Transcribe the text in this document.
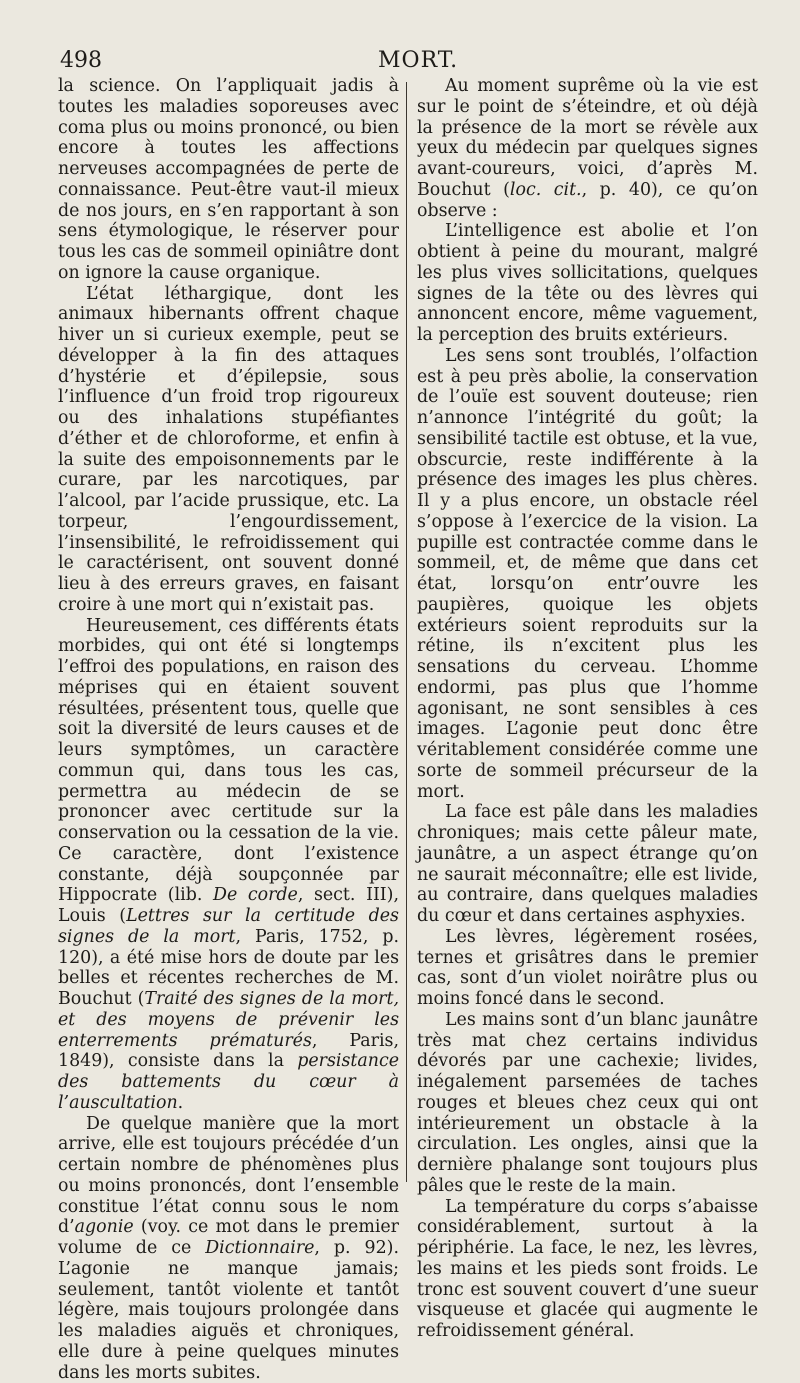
498	MORT.

la science. On l’appliquait jadis à toutes les maladies soporeuses avec coma plus ou moins prononcé, ou bien encore à toutes les affections nerveuses accompagnées de perte de connaissance. Peut-être vaut-il mieux de nos jours, en s’en rapportant à son sens étymologique, le réserver pour tous les cas de sommeil opiniâtre dont on ignore la cause organique.

L’état léthargique, dont les animaux hibernants offrent chaque hiver un si curieux exemple, peut se développer à la fin des attaques d’hystérie et d’épilepsie, sous l’influence d’un froid trop rigoureux ou des inhalations stupéfiantes d’éther et de chloroforme, et enfin à la suite des empoisonnements par le curare, par les narcotiques, par l’alcool, par l’acide prussique, etc. La torpeur, l’engourdissement, l’insensibilité, le refroidissement qui le caractérisent, ont souvent donné lieu à des erreurs graves, en faisant croire à une mort qui n’existait pas.

Heureusement, ces différents états morbides, qui ont été si longtemps l’effroi des populations, en raison des méprises qui en étaient souvent résultées, présentent tous, quelle que soit la diversité de leurs causes et de leurs symptômes, un caractère commun qui, dans tous les cas, permettra au médecin de se prononcer avec certitude sur la conservation ou la cessation de la vie. Ce caractère, dont l’existence constante, déjà soupçonnée par Hippocrate (lib. De corde, sect. III), Louis (Lettres sur la certitude des signes de la mort, Paris, 1752, p. 120), a été mise hors de doute par les belles et récentes recherches de M. Bouchut (Traité des signes de la mort, et des moyens de prévenir les enterrements prématurés, Paris, 1849), consiste dans la persistance des battements du cœur à l’auscultation.

De quelque manière que la mort arrive, elle est toujours précédée d’un certain nombre de phénomènes plus ou moins prononcés, dont l’ensemble constitue l’état connu sous le nom d’agonie (voy. ce mot dans le premier volume de ce Dictionnaire, p. 92). L’agonie ne manque jamais; seulement, tantôt violente et tantôt légère, mais toujours prolongée dans les maladies aiguës et chroniques, elle dure à peine quelques minutes dans les morts subites.

Au moment suprême où la vie est sur le point de s’éteindre, et où déjà la présence de la mort se révèle aux yeux du médecin par quelques signes avant-coureurs, voici, d’après M. Bouchut (loc. cit., p. 40), ce qu’on observe :

L’intelligence est abolie et l’on obtient à peine du mourant, malgré les plus vives sollicitations, quelques signes de la tête ou des lèvres qui annoncent encore, même vaguement, la perception des bruits extérieurs.

Les sens sont troublés, l’olfaction est à peu près abolie, la conservation de l’ouïe est souvent douteuse; rien n’annonce l’intégrité du goût; la sensibilité tactile est obtuse, et la vue, obscurcie, reste indifférente à la présence des images les plus chères. Il y a plus encore, un obstacle réel s’oppose à l’exercice de la vision. La pupille est contractée comme dans le sommeil, et, de même que dans cet état, lorsqu’on entr’ouvre les paupières, quoique les objets extérieurs soient reproduits sur la rétine, ils n’excitent plus les sensations du cerveau. L’homme endormi, pas plus que l’homme agonisant, ne sont sensibles à ces images. L’agonie peut donc être véritablement considérée comme une sorte de sommeil précurseur de la mort.

La face est pâle dans les maladies chroniques; mais cette pâleur mate, jaunâtre, a un aspect étrange qu’on ne saurait méconnaître; elle est livide, au contraire, dans quelques maladies du cœur et dans certaines asphyxies.

Les lèvres, légèrement rosées, ternes et grisâtres dans le premier cas, sont d’un violet noirâtre plus ou moins foncé dans le second.

Les mains sont d’un blanc jaunâtre très mat chez certains individus dévorés par une cachexie; livides, inégalement parsemées de taches rouges et bleues chez ceux qui ont intérieurement un obstacle à la circulation. Les ongles, ainsi que la dernière phalange sont toujours plus pâles que le reste de la main.

La température du corps s’abaisse considérablement, surtout à la périphérie. La face, le nez, les lèvres, les mains et les pieds sont froids. Le tronc est souvent couvert d’une sueur visqueuse et glacée qui augmente le refroidissement général.
